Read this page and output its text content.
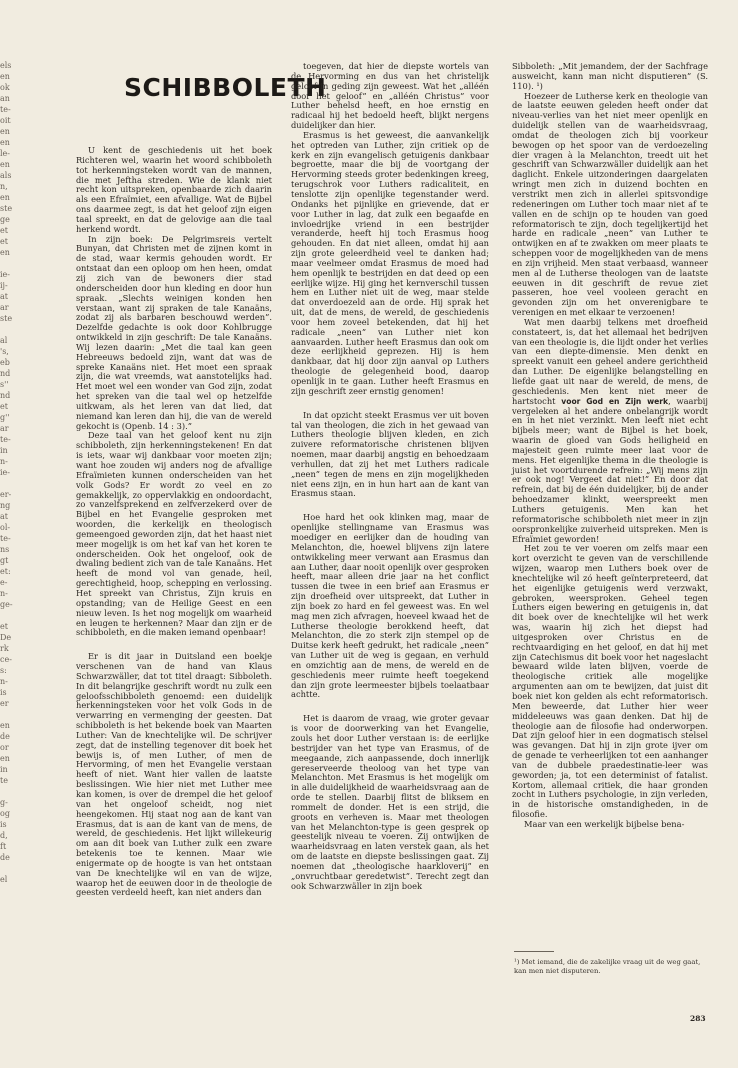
els
en
ok
an
te-
oit
en
en
le-
en
als
n,
en
ste
ge
et
et
en
ie-
ij-
at
ar
ste
al
's,
eb
nd
s''
nd
et
g''
ar
te-
in
n-
ie-
er-
ng
at
ol-
te-
ns
gt
et:
e-
n-
ge-
et
De
rk
ce-
s:
n-
is
er
en
de
or
en
in
te
g-
og
is
d,
ft
de
el
SCHIBBOLETH

U kent de geschiedenis uit het boek Richteren wel, waarin het woord schibboleth tot herkenningsteken wordt van de mannen, die met Jeftha streden. Wie de klank niet recht kon uitspreken, openbaarde zich daarin als een Efraïmiet, een afvallige. Wat de Bijbel ons daarmee zegt, is dat het geloof zijn eigen taal spreekt, en dat de gelovige aan die taal herkend wordt.

In zijn boek: De Pelgrimsreis vertelt Bunyan, dat Christen met de zijnen komt in de stad, waar kermis gehouden wordt. Er ontstaat dan een oploop om hen heen, omdat zij zich van de bewoners dier stad onderscheiden door hun kleding en door hun spraak. „Slechts weinigen konden hen verstaan, want zij spraken de tale Kanaäns, zodat zij als barbaren beschouwd werden”. Dezelfde gedachte is ook door Kohlbrugge ontwikkeld in zijn geschrift: De tale Kanaäns. Wij lezen daarin: „Met die taal kan geen Hebreeuws bedoeld zijn, want dat was de spreke Kanaäns niet. Het moet een spraak zijn, die wat vreemds, wat aanstotelijks had. Het moet wel een wonder van God zijn, zodat het spreken van die taal wel op hetzelfde uitkwam, als het leren van dat lied, dat niemand kan leren dan hij, die van de wereld gekocht is (Openb. 14 : 3).”

Deze taal van het geloof kent nu zijn schibboleth, zijn herkenningstekenen! En dat is iets, waar wij dankbaar voor moeten zijn; want hoe zouden wij anders nog de afvallige Efraïmieten kunnen onderscheiden van het volk Gods? Er wordt zo veel en zo gemakkelijk, zo oppervlakkig en ondoordacht, zo vanzelfsprekend en zelfverzekerd over de Bijbel en het Evangelie gesproken met woorden, die kerkelijk en theologisch gemeengoed geworden zijn, dat het haast niet meer mogelijk is om het kaf van het koren te onderscheiden. Ook het ongeloof, ook de dwaling bedient zich van de tale Kanaäns. Het heeft de mond vol van genade, heil, gerechtigheid, hoop, schepping en verlossing. Het spreekt van Christus, Zijn kruis en opstanding; van de Heilige Geest en een nieuw leven. Is het nog mogelijk om waarheid en leugen te herkennen? Maar dan zijn er de schibboleth, en die maken iemand openbaar!

Er is dit jaar in Duitsland een boekje verschenen van de hand van Klaus Schwarzwäller, dat tot titel draagt: Sibboleth. In dit belangrijke geschrift wordt nu zulk een geloofsschibboleth genoemd: een duidelijk herkenningsteken voor het volk Gods in de verwarring en vermenging der geesten. Dat schibboleth is het bekende boek van Maarten Luther: Van de knechtelijke wil. De schrijver zegt, dat de instelling tegenover dit boek het bewijs is, of men Luther, of men de Hervorming, of men het Evangelie verstaan heeft of niet. Want hier vallen de laatste beslissingen. Wie hier niet met Luther mee kan komen, is over de drempel die het geloof van het ongeloof scheidt, nog niet heengekomen. Hij staat nog aan de kant van Erasmus, dat is aan de kant van de mens, de wereld, de geschiedenis. Het lijkt willekeurig om aan dit boek van Luther zulk een zware betekenis toe te kennen. Maar wie enigermate op de hoogte is van het ontstaan van De knechtelijke wil en van de wijze, waarop het de eeuwen door in de theologie de geesten verdeeld heeft, kan niet anders dan

toegeven, dat hier de diepste wortels van de Hervorming en dus van het christelijk geloof in geding zijn geweest. Wat het „alléén door het geloof” en „alléén Christus” voor Luther behelsd heeft, en hoe ernstig en radicaal hij het bedoeld heeft, blijkt nergens duidelijker dan hier.

Erasmus is het geweest, die aanvankelijk het optreden van Luther, zijn critiek op de kerk en zijn evangelisch getuigenis dankbaar begroette, maar die bij de voortgang der Hervorming steeds groter bedenkingen kreeg, terugschrok voor Luthers radicaliteit, en tenslotte zijn openlijke tegenstander werd. Ondanks het pijnlijke en grievende, dat er voor Luther in lag, dat zulk een begaafde en invloedrijke vriend in een bestrijder veranderde, heeft hij toch Erasmus hoog gehouden. En dat niet alleen, omdat hij aan zijn grote geleerdheid veel te danken had; maar veelmeer omdat Erasmus de moed had hem openlijk te bestrijden en dat deed op een eerlijke wijze. Hij ging het kernverschil tussen hem en Luther niet uit de weg, maar stelde dat onverdoezeld aan de orde. Hij sprak het uit, dat de mens, de wereld, de geschiedenis voor hem zoveel betekenden, dat hij het radicale „neen” van Luther niet kon aanvaarden. Luther heeft Erasmus dan ook om deze eerlijkheid geprezen. Hij is hem dankbaar, dat hij door zijn aanval op Luthers theologie de gelegenheid bood, daarop openlijk in te gaan. Luther heeft Erasmus en zijn geschrift zeer ernstig genomen!

In dat opzicht steekt Erasmus ver uit boven tal van theologen, die zich in het gewaad van Luthers theologie blijven kleden, en zich zuivere reformatorische christenen blijven noemen, maar daarbij angstig en behoedzaam verhullen, dat zij het met Luthers radicale „neen” tegen de mens en zijn mogelijkheden niet eens zijn, en in hun hart aan de kant van Erasmus staan.

Hoe hard het ook klinken mag, maar de openlijke stellingname van Erasmus was moediger en eerlijker dan de houding van Melanchton, die, hoewel blijvens zijn latere ontwikkeling meer verwant aan Erasmus dan aan Luther, daar nooit openlijk over gesproken heeft, maar alleen drie jaar na het conflict tussen die twee in een brief aan Erasmus er zijn droefheid over uitspreekt, dat Luther in zijn boek zo hard en fel geweest was. En wel mag men zich afvragen, hoeveel kwaad het de Lutherse theologie berokkend heeft, dat Melanchton, die zo sterk zijn stempel op de Duitse kerk heeft gedrukt, het radicale „neen” van Luther uit de weg is gegaan, en verhuld en omzichtig aan de mens, de wereld en de geschiedenis meer ruimte heeft toegekend dan zijn grote leermeester bijbels toelaatbaar achtte.

Het is daarom de vraag, wie groter gevaar is voor de doorwerking van het Evangelie, zouls het door Luther verstaan is: de eerlijke bestrijder van het type van Erasmus, of de meegaande, zich aanpassende, doch innerlijk gereserveerde theoloog van het type van Melanchton. Met Erasmus is het mogelijk om in alle duidelijkheid de waarheidsvraag aan de orde te stellen. Daarbij flitst de bliksem en rommelt de donder. Het is een strijd, die groots en verheven is. Maar met theologen van het Melanchton-type is geen gesprek op geestelijk niveau te voeren. Zij ontwijken de waarheidsvraag en laten verstek gaan, als het om de laatste en diepste beslissingen gaat. Zij noemen dat „theologische haarkloverij” en „onvruchtbaar geredetwist”. Terecht zegt dan ook Schwarzwäller in zijn boek

Sibboleth: „Mit jemandem, der der Sachfrage ausweicht, kann man nicht disputieren” (S. 110). ¹)

Hoezeer de Lutherse kerk en theologie van de laatste eeuwen geleden heeft onder dat niveau-verlies van het niet meer openlijk en duidelijk stellen van de waarheidsvraag, omdat de theologen zich bij voorkeur bewogen op het spoor van de verdoezeling dier vragen à la Melanchton, treedt uit het geschrift van Schwarzwäller duidelijk aan het daglicht. Enkele uitzonderingen daargelaten wringt men zich in duizend bochten en verstrikt men zich in allerlei spitsvondige redeneringen om Luther toch maar niet af te vallen en de schijn op te houden van goed reformatorisch te zijn, doch tegelijkertijd het harde en radicale „neen” van Luther te ontwijken en af te zwakken om meer plaats te scheppen voor de mogelijkheden van de mens en zijn vrijheid. Men staat verbaasd, wanneer men al de Lutherse theologen van de laatste eeuwen in dit geschrift de revue ziet passeren, hoe veel vooleen geracht en gevonden zijn om het onverenigbare te verenigen en met elkaar te verzoenen!

Wat men daarbij telkens met droefheid constateert, is, dat het allemaal het bedrijven van een theologie is, die lijdt onder het verlies van een diepte-dimensie. Men denkt en spreekt vanuit een geheel andere gerichtheid dan Luther. De eigenlijke belangstelling en liefde gaat uit naar de wereld, de mens, de geschiedenis. Men kent niet meer de hartstocht voor God en Zijn werk, waarbij vergeleken al het andere onbelangrijk wordt en in het niet verzinkt. Men leeft niet echt bijbels meer; want de Bijbel is het boek, waarin de gloed van Gods heiligheid en majesteit geen ruimte meer laat voor de mens. Het eigenlijke thema in die theologie is juist het voortdurende refrein: „Wij mens zijn er ook nog! Vergeet dat niet!” En door dat refrein, dat bij de één duidelijker, bij de ander behoedzamer klinkt, weerspreekt men Luthers getuigenis. Men kan het reformatorische schibboleth niet meer in zijn oorspronkelijke zuiverheid uitspreken. Men is Efraïmiet geworden!

Het zou te ver voeren om zelfs maar een kort overzicht te geven van de verschillende wijzen, waarop men Luthers boek over de knechtelijke wil zó heeft geïnterpreteerd, dat het eigenlijke getuigenis werd verzwakt, gebroken, weersproken. Geheel tegen Luthers eigen bewering en getuigenis in, dat dit boek over de knechtelijke wil het werk was, waarin hij zich het diepst had uitgesproken over Christus en de rechtvaardiging en het geloof, en dat hij met zijn Catechismus dit boek voor het nageslacht bewaard wilde laten blijven, voerde de theologische critiek alle mogelijke argumenten aan om te bewijzen, dat juist dit boek niet kon gelden als echt reformatorisch. Men beweerde, dat Luther hier weer middeleeuws was gaan denken. Dat hij de theologie aan de filosofie had onderworpen. Dat zijn geloof hier in een dogmatisch stelsel was gevangen. Dat hij in zijn grote ijver om de genade te verheerlijken tot een aanhanger van de dubbele praedestinatie-leer was geworden; ja, tot een determinist of fatalist. Kortom, allemaal critiek, die haar gronden zocht in Luthers psychologie, in zijn verleden, in de historische omstandigheden, in de filosofie.

Maar van een werkelijk bijbelse bena-

¹) Met iemand, die de zakelijke vraag uit de weg gaat, kan men niet disputeren.
283
